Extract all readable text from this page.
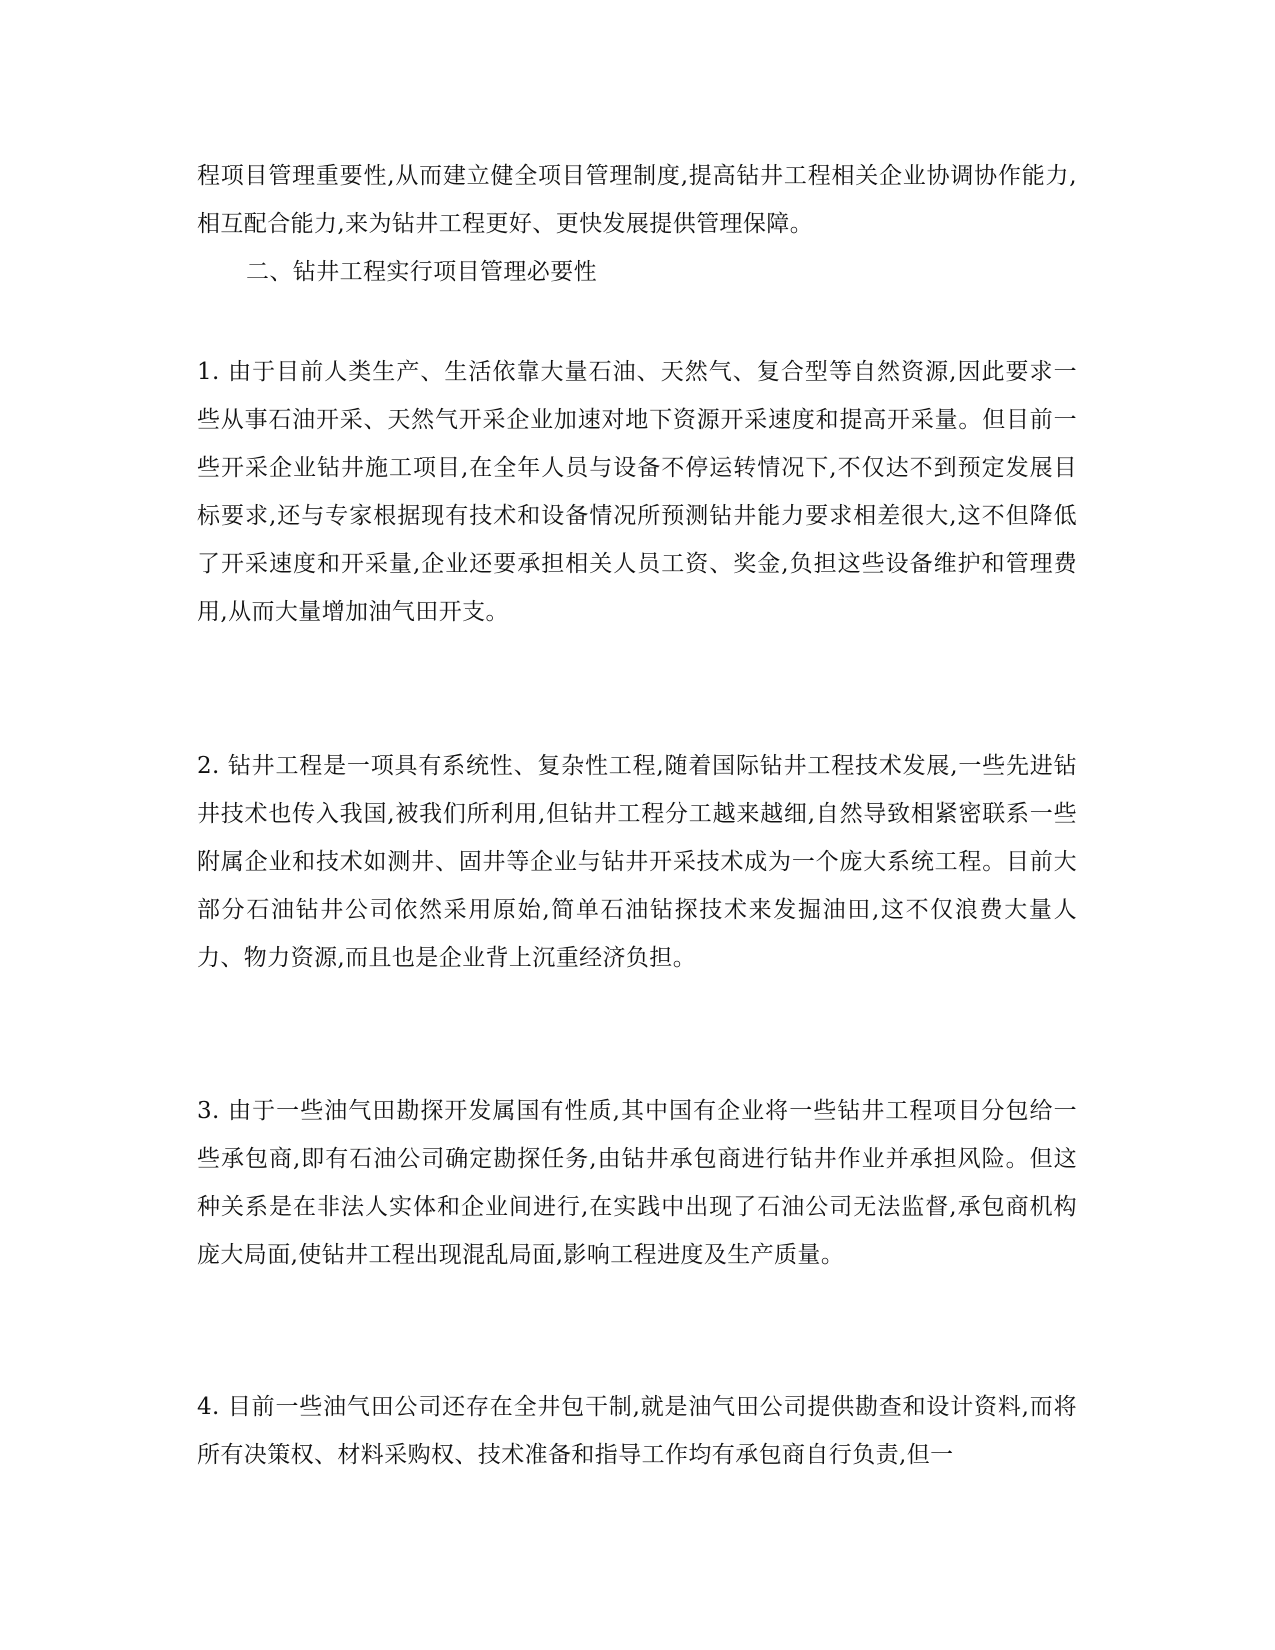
程项目管理重要性,从而建立健全项目管理制度,提高钻井工程相关企业协调协作能力,相互配合能力,来为钻井工程更好、更快发展提供管理保障。

二、钻井工程实行项目管理必要性

1. 由于目前人类生产、生活依靠大量石油、天然气、复合型等自然资源,因此要求一些从事石油开采、天然气开采企业加速对地下资源开采速度和提高开采量。但目前一些开采企业钻井施工项目,在全年人员与设备不停运转情况下,不仅达不到预定发展目标要求,还与专家根据现有技术和设备情况所预测钻井能力要求相差很大,这不但降低了开采速度和开采量,企业还要承担相关人员工资、奖金,负担这些设备维护和管理费用,从而大量增加油气田开支。

2. 钻井工程是一项具有系统性、复杂性工程,随着国际钻井工程技术发展,一些先进钻井技术也传入我国,被我们所利用,但钻井工程分工越来越细,自然导致相紧密联系一些附属企业和技术如测井、固井等企业与钻井开采技术成为一个庞大系统工程。目前大部分石油钻井公司依然采用原始,简单石油钻探技术来发掘油田,这不仅浪费大量人力、物力资源,而且也是企业背上沉重经济负担。

3. 由于一些油气田勘探开发属国有性质,其中国有企业将一些钻井工程项目分包给一些承包商,即有石油公司确定勘探任务,由钻井承包商进行钻井作业并承担风险。但这种关系是在非法人实体和企业间进行,在实践中出现了石油公司无法监督,承包商机构庞大局面,使钻井工程出现混乱局面,影响工程进度及生产质量。

4. 目前一些油气田公司还存在全井包干制,就是油气田公司提供勘查和设计资料,而将所有决策权、材料采购权、技术准备和指导工作均有承包商自行负责,但一
